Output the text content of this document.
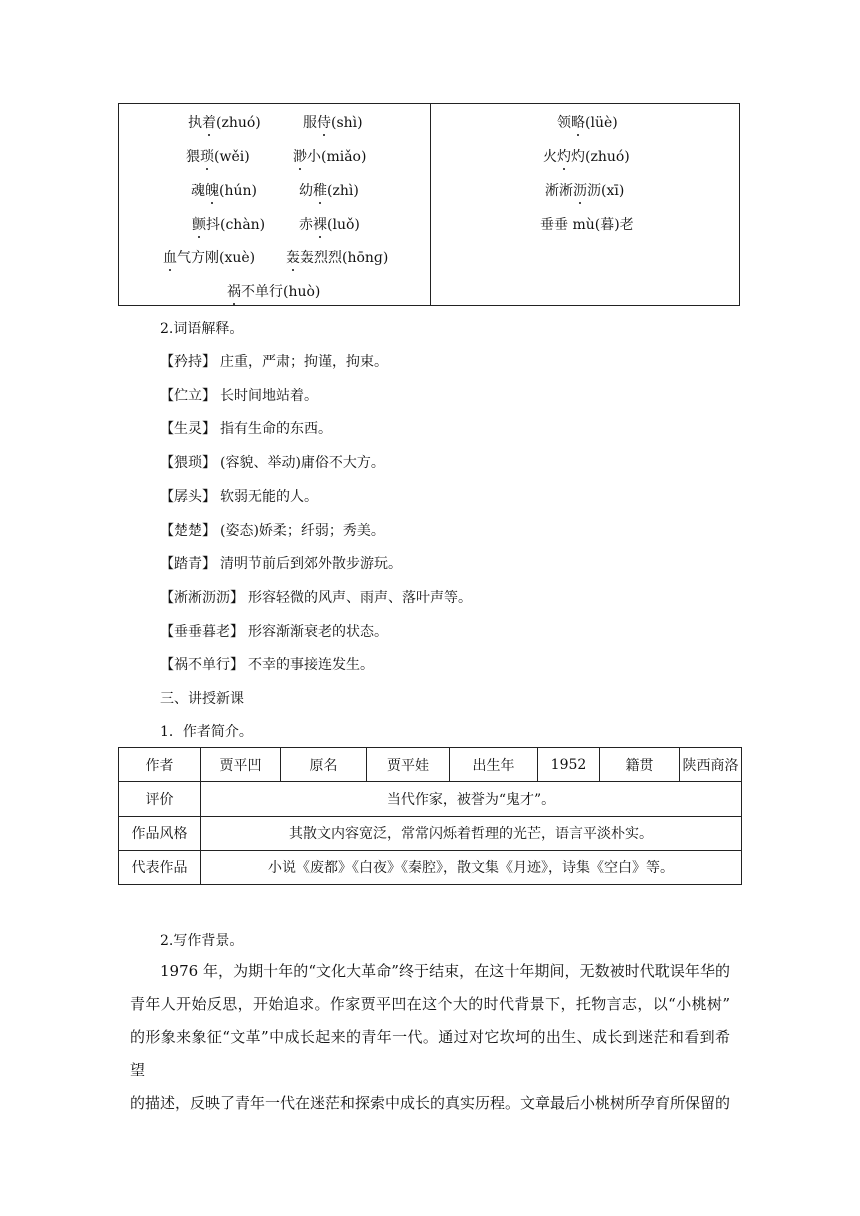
执着(zhuó)	服侍(shì)
猥琐(wěi)	渺小(miǎo)
魂魄(hún)	幼稚(zhì)
颤抖(chàn) 赤裸(luǒ)
血气方刚(xuè) 轰轰烈烈(hōnɡ)
祸不单行(huò)
领略(lüè)
火灼灼(zhuó)
淅淅沥沥(xī)
垂垂 mù(暮)老
2.词语解释。
【矜持】 庄重，严肃；拘谨，拘束。
【伫立】 长时间地站着。
【生灵】 指有生命的东西。
【猥琐】 (容貌、举动)庸俗不大方。
【孱头】 软弱无能的人。
【楚楚】 (姿态)娇柔；纤弱；秀美。
【踏青】 清明节前后到郊外散步游玩。
【淅淅沥沥】 形容轻微的风声、雨声、落叶声等。
【垂垂暮老】 形容渐渐衰老的状态。
【祸不单行】 不幸的事接连发生。
三、讲授新课
1．作者简介。
作者	贾平凹	原名	贾平娃	出生年	1952	籍贯	陕西商洛
评价	当代作家，被誉为“鬼才”。						
作品风格	其散文内容宽泛，常常闪烁着哲理的光芒，语言平淡朴实。						
代表作品	小说《废都》《白夜》《秦腔》，散文集《月迹》，诗集《空白》等。						
2.写作背景。

1976 年，为期十年的“文化大革命”终于结束，在这十年期间，无数被时代耽误年华的

青年人开始反思，开始追求。作家贾平凹在这个大的时代背景下，托物言志，以“小桃树”

的形象来象征“文革”中成长起来的青年一代。通过对它坎坷的出生、成长到迷茫和看到希望

的描述，反映了青年一代在迷茫和探索中成长的真实历程。文章最后小桃树所孕育所保留的
